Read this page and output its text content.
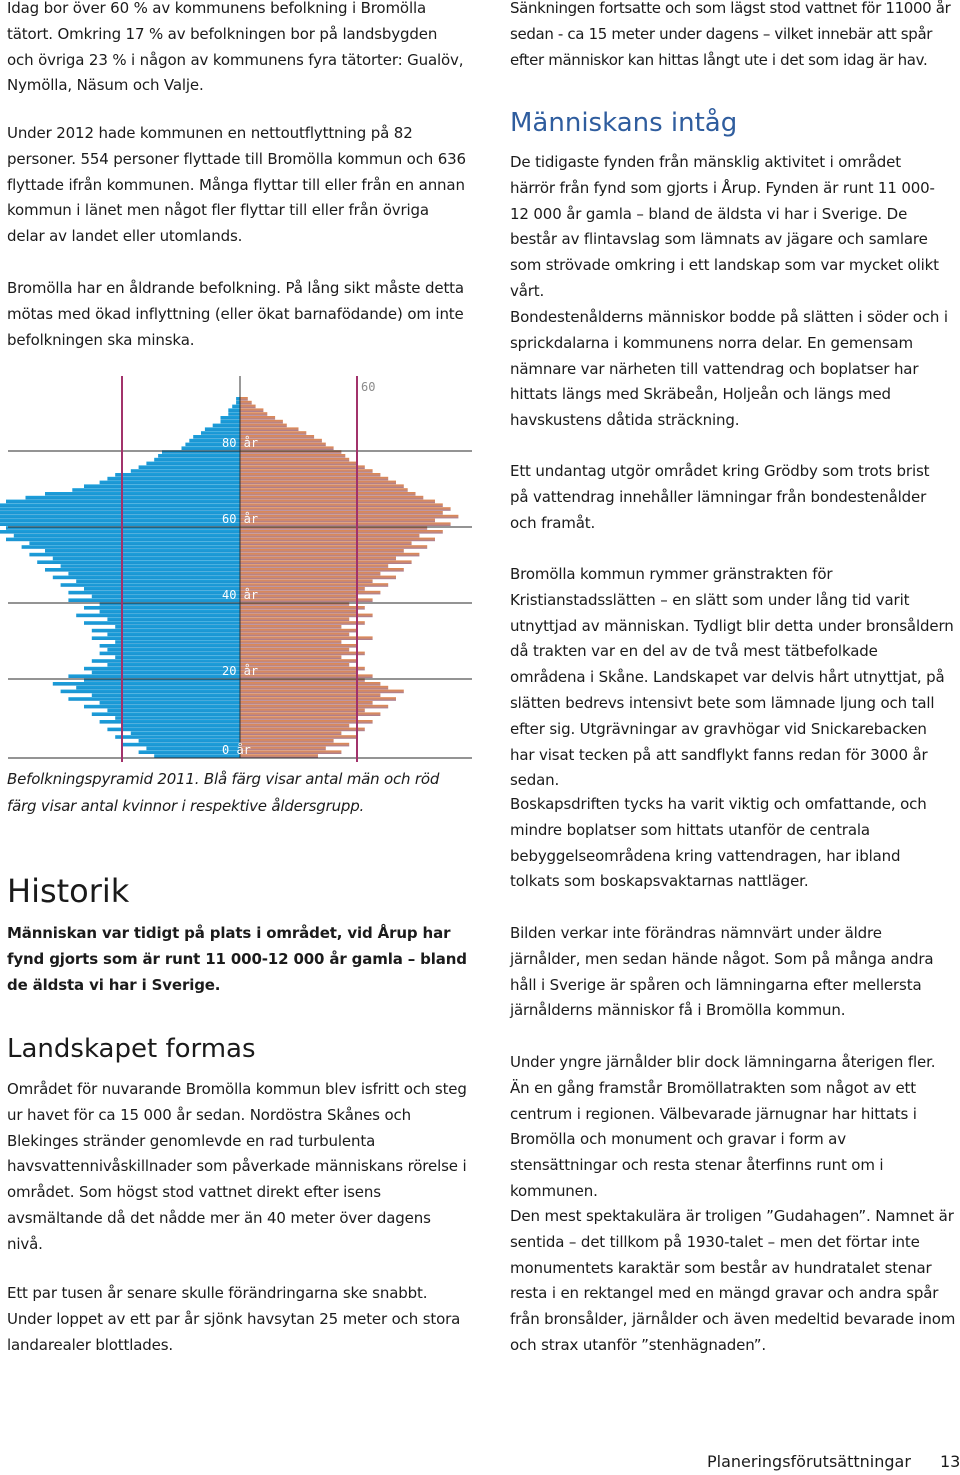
Idag bor över 60 % av kommunens befolkning i Bromölla tätort. Omkring 17 % av befolkningen bor på landsbygden och övriga 23 % i någon av kommunens fyra tätorter: Gualöv, Nymölla, Näsum och Valje.

Under 2012 hade kommunen en nettoutflyttning på 82 personer. 554 personer flyttade till Bromölla kommun och 636 flyttade ifrån kommunen. Många flyttar till eller från en annan kommun i länet men något fler flyttar till eller från övriga delar av landet eller utomlands.

Bromölla har en åldrande befolkning. På lång sikt måste detta mötas med ökad inflyttning (eller ökat barnafödande) om inte befolkningen ska minska.

60
80 år
60 år
40 år
20 år
0 år

Befolkningspyramid 2011. Blå färg visar antal män och röd färg visar antal kvinnor i respektive åldersgrupp.

Historik

Människan var tidigt på plats i området, vid Årup har fynd gjorts som är runt 11 000-12 000 år gamla – bland de äldsta vi har i Sverige.

Landskapet formas

Området för nuvarande Bromölla kommun blev isfritt och steg ur havet för ca 15 000 år sedan. Nordöstra Skånes och Blekinges stränder genomlevde en rad turbulenta havsvattennivåskillnader som påverkade människans rörelse i området. Som högst stod vattnet direkt efter isens avsmältande då det nådde mer än 40 meter över dagens nivå.

Ett par tusen år senare skulle förändringarna ske snabbt. Under loppet av ett par år sjönk havsytan 25 meter och stora landarealer blottlades.

Sänkningen fortsatte och som lägst stod vattnet för 11000 år sedan - ca 15 meter under dagens – vilket innebär att spår efter människor kan hittas långt ute i det som idag är hav.

Människans intåg

De tidigaste fynden från mänsklig aktivitet i området härrör från fynd som gjorts i Årup. Fynden är runt 11 000-12 000 år gamla – bland de äldsta vi har i Sverige. De består av flintavslag som lämnats av jägare och samlare som strövade omkring i ett landskap som var mycket olikt vårt.

Bondestenålderns människor bodde på slätten i söder och i sprickdalarna i kommunens norra delar. En gemensam nämnare var närheten till vattendrag och boplatser har hittats längs med Skräbeån, Holjeån och längs med havskustens dåtida sträckning.

Ett undantag utgör området kring Grödby som trots brist på vattendrag innehåller lämningar från bondestenålder och framåt.

Bromölla kommun rymmer gränstrakten för Kristianstadsslätten – en slätt som under lång tid varit utnyttjad av människan. Tydligt blir detta under bronsåldern då trakten var en del av de två mest tätbefolkade områdena i Skåne. Landskapet var delvis hårt utnyttjat, på slätten bedrevs intensivt bete som lämnade ljung och tall efter sig. Utgrävningar av gravhögar vid Snickarebacken har visat tecken på att sandflykt fanns redan för 3000 år sedan.

Boskapsdriften tycks ha varit viktig och omfattande, och mindre boplatser som hittats utanför de centrala bebyggelseområdena kring vattendragen, har ibland tolkats som boskapsvaktarnas nattläger.

Bilden verkar inte förändras nämnvärt under äldre järnålder, men sedan hände något. Som på många andra håll i Sverige är spåren och lämningarna efter mellersta järnålderns människor få i Bromölla kommun.

Under yngre järnålder blir dock lämningarna återigen fler. Än en gång framstår Bromöllatrakten som något av ett centrum i regionen. Välbevarade järnugnar har hittats i Bromölla och monument och gravar i form av stensättningar och resta stenar återfinns runt om i kommunen.

Den mest spektakulära är troligen ”Gudahagen”. Namnet är sentida – det tillkom på 1930-talet – men det förtar inte monumentets karaktär som består av hundratalet stenar resta i en rektangel med en mängd gravar och andra spår från bronsålder, järnålder och även medeltid bevarade inom och strax utanför ”stenhägnaden”.

Planeringsförutsättningar 13
